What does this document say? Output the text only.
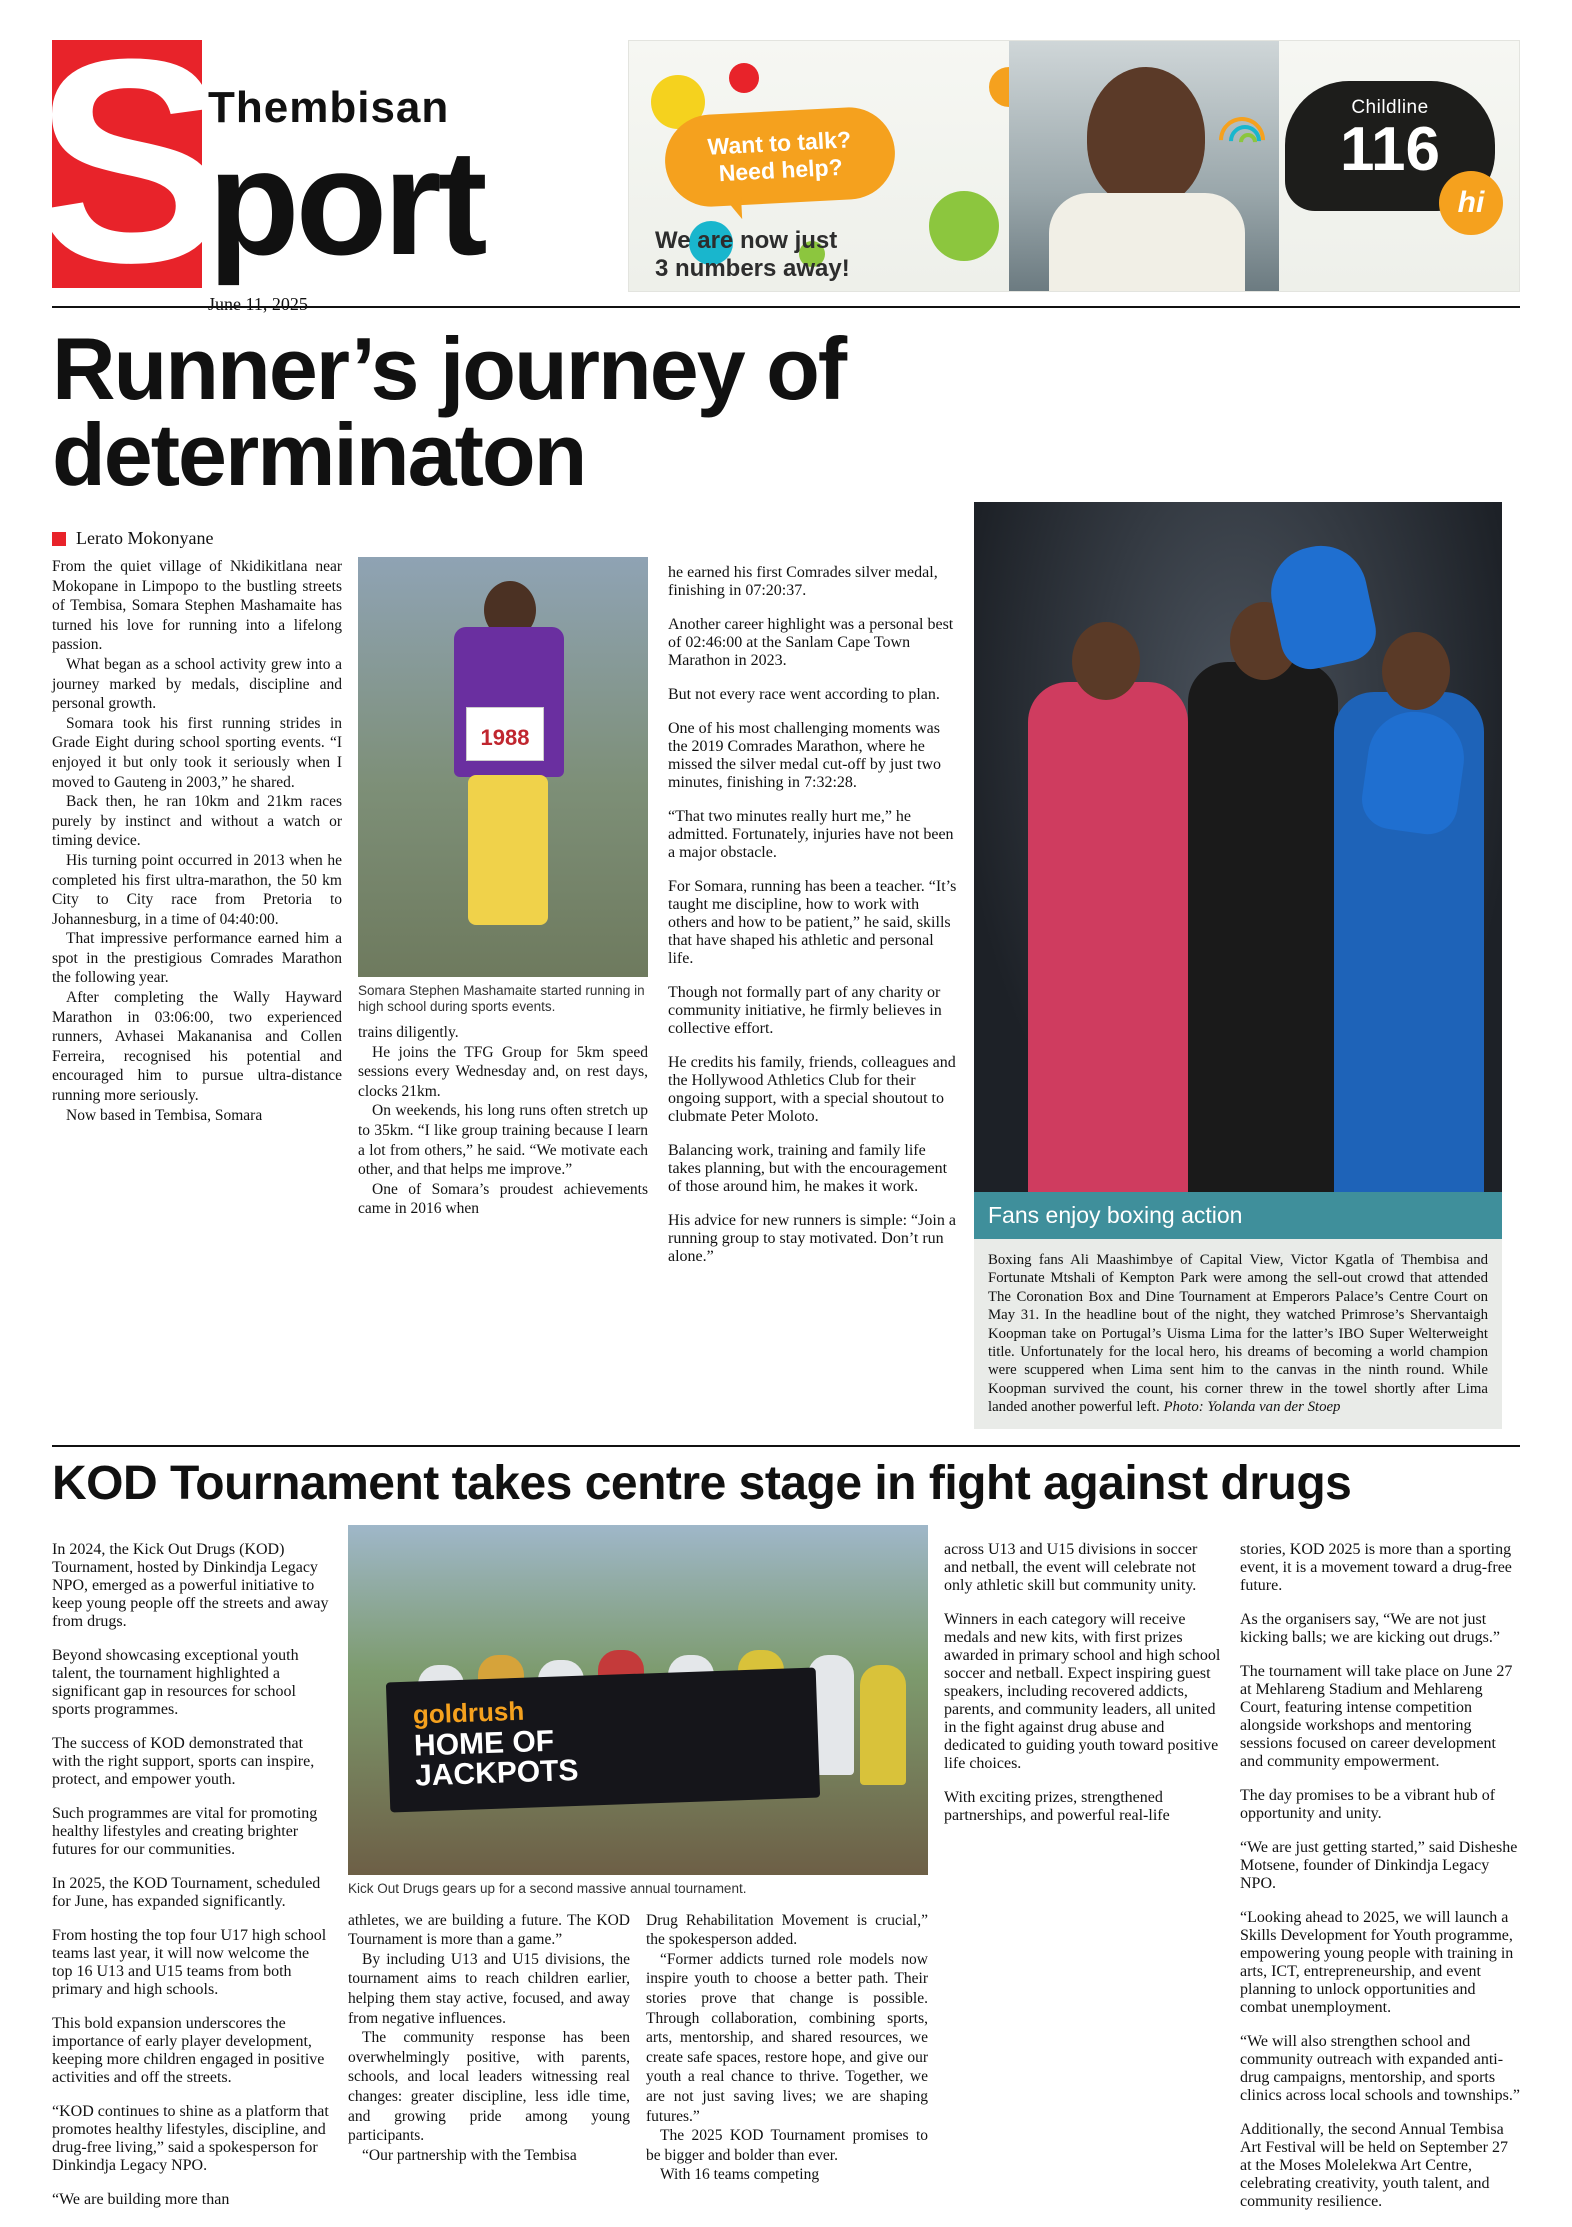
S
Thembisan
port
June 11, 2025
Want to talk?
Need help?
We are now just
3 numbers away!
Childline
116
hi
Runner’s journey of determinaton
Lerato Mokonyane

From the quiet village of Nkidikitlana near Mokopane in Limpopo to the bustling streets of Tembisa, Somara Stephen Mashamaite has turned his love for running into a lifelong passion.

What began as a school activity grew into a journey marked by medals, discipline and personal growth.

Somara took his first running strides in Grade Eight during school sporting events. “I enjoyed it but only took it seriously when I moved to Gauteng in 2003,” he shared.

Back then, he ran 10km and 21km races purely by instinct and without a watch or timing device.

His turning point occurred in 2013 when he completed his first ultra-marathon, the 50 km City to City race from Pretoria to Johannesburg, in a time of 04:40:00.

That impressive performance earned him a spot in the prestigious Comrades Marathon the following year.

After completing the Wally Hayward Marathon in 03:06:00, two experienced runners, Avhasei Makananisa and Collen Ferreira, recognised his potential and encouraged him to pursue ultra-distance running more seriously.

Now based in Tembisa, Somara

1988
Somara Stephen Mashamaite started running in high school during sports events.

trains diligently.

He joins the TFG Group for 5km speed sessions every Wednesday and, on rest days, clocks 21km.

On weekends, his long runs often stretch up to 35km. “I like group training because I learn a lot from others,” he said. “We motivate each other, and that helps me improve.”

One of Somara’s proudest achievements came in 2016 when

he earned his first Comrades silver medal, finishing in 07:20:37.

Another career highlight was a personal best of 02:46:00 at the Sanlam Cape Town Marathon in 2023.

But not every race went according to plan.

One of his most challenging moments was the 2019 Comrades Marathon, where he missed the silver medal cut-off by just two minutes, finishing in 7:32:28.

“That two minutes really hurt me,” he admitted. Fortunately, injuries have not been a major obstacle.

For Somara, running has been a teacher. “It’s taught me discipline, how to work with others and how to be patient,” he said, skills that have shaped his athletic and personal life.

Though not formally part of any charity or community initiative, he firmly believes in collective effort.

He credits his family, friends, colleagues and the Hollywood Athletics Club for their ongoing support, with a special shoutout to clubmate Peter Moloto.

Balancing work, training and family life takes planning, but with the encouragement of those around him, he makes it work.

His advice for new runners is simple: “Join a running group to stay motivated. Don’t run alone.”

Fans enjoy boxing action
Boxing fans Ali Maashimbye of Capital View, Victor Kgatla of Thembisa and Fortunate Mtshali of Kempton Park were among the sell-out crowd that attended The Coronation Box and Dine Tournament at Emperors Palace’s Centre Court on May 31. In the headline bout of the night, they watched Primrose’s Shervantaigh Koopman take on Portugal’s Uisma Lima for the latter’s IBO Super Welterweight title. Unfortunately for the local hero, his dreams of becoming a world champion were scuppered when Lima sent him to the canvas in the ninth round. While Koopman survived the count, his corner threw in the towel shortly after Lima landed another powerful left. Photo: Yolanda van der Stoep
KOD Tournament takes centre stage in fight against drugs

In 2024, the Kick Out Drugs (KOD) Tournament, hosted by Dinkindja Legacy NPO, emerged as a powerful initiative to keep young people off the streets and away from drugs.

Beyond showcasing exceptional youth talent, the tournament highlighted a significant gap in resources for school sports programmes.

The success of KOD demonstrated that with the right support, sports can inspire, protect, and empower youth.

Such programmes are vital for promoting healthy lifestyles and creating brighter futures for our communities.

In 2025, the KOD Tournament, scheduled for June, has expanded significantly.

From hosting the top four U17 high school teams last year, it will now welcome the top 16 U13 and U15 teams from both primary and high schools.

This bold expansion underscores the importance of early player development, keeping more children engaged in positive activities and off the streets.

“KOD continues to shine as a platform that promotes healthy lifestyles, discipline, and drug-free living,” said a spokesperson for Dinkindja Legacy NPO.

“We are building more than

goldrush
HOME OF
JACKPOTS
Kick Out Drugs gears up for a second massive annual tournament.

athletes, we are building a future. The KOD Tournament is more than a game.”

By including U13 and U15 divisions, the tournament aims to reach children earlier, helping them stay active, focused, and away from negative influences.

The community response has been overwhelmingly positive, with parents, schools, and local leaders witnessing real changes: greater discipline, less idle time, and growing pride among young participants.

“Our partnership with the Tembisa

Drug Rehabilitation Movement is crucial,” the spokesperson added.

“Former addicts turned role models now inspire youth to choose a better path. Their stories prove that change is possible. Through collaboration, combining sports, arts, mentorship, and shared resources, we create safe spaces, restore hope, and give our youth a real chance to thrive. Together, we are not just saving lives; we are shaping futures.”

The 2025 KOD Tournament promises to be bigger and bolder than ever.

With 16 teams competing

across U13 and U15 divisions in soccer and netball, the event will celebrate not only athletic skill but community unity.

Winners in each category will receive medals and new kits, with first prizes awarded in primary school and high school soccer and netball. Expect inspiring guest speakers, including recovered addicts, parents, and community leaders, all united in the fight against drug abuse and dedicated to guiding youth toward positive life choices.

With exciting prizes, strengthened partnerships, and powerful real-life

stories, KOD 2025 is more than a sporting event, it is a movement toward a drug-free future.

As the organisers say, “We are not just kicking balls; we are kicking out drugs.”

The tournament will take place on June 27 at Mehlareng Stadium and Mehlareng Court, featuring intense competition alongside workshops and mentoring sessions focused on career development and community empowerment.

The day promises to be a vibrant hub of opportunity and unity.

“We are just getting started,” said Disheshe Motsene, founder of Dinkindja Legacy NPO.

“Looking ahead to 2025, we will launch a Skills Development for Youth programme, empowering young people with training in arts, ICT, entrepreneurship, and event planning to unlock opportunities and combat unemployment.

“We will also strengthen school and community outreach with expanded anti-drug campaigns, mentorship, and sports clinics across local schools and townships.”

Additionally, the second Annual Tembisa Art Festival will be held on September 27 at the Moses Molelekwa Art Centre, celebrating creativity, youth talent, and community resilience.
